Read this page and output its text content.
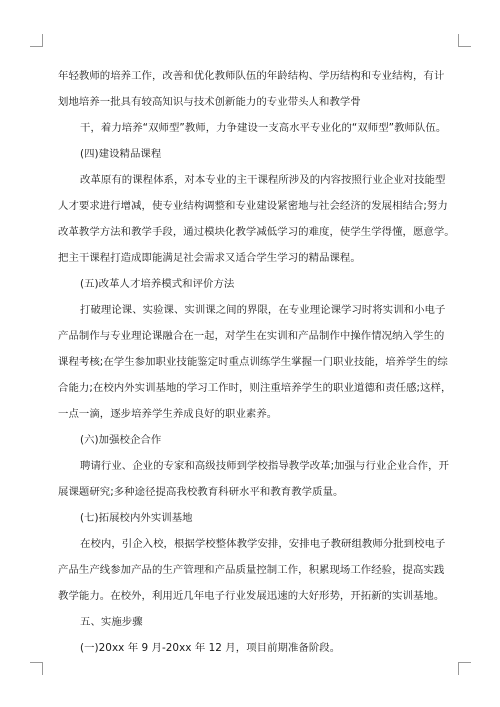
年轻教师的培养工作，改善和优化教师队伍的年龄结构、学历结构和专业结构，有计
划地培养一批具有较高知识与技术创新能力的专业带头人和教学骨
干，着力培养“双师型”教师，力争建设一支高水平专业化的“双师型”教师队伍。
(四)建设精品课程
改革原有的课程体系，对本专业的主干课程所涉及的内容按照行业企业对技能型
人才要求进行增减，使专业结构调整和专业建设紧密地与社会经济的发展相结合;努力
改革教学方法和教学手段，通过模块化教学减低学习的难度，使学生学得懂，愿意学。
把主干课程打造成即能满足社会需求又适合学生学习的精品课程。
(五)改革人才培养模式和评价方法
打破理论课、实验课、实训课之间的界限，在专业理论课学习时将实训和小电子
产品制作与专业理论课融合在一起，对学生在实训和产品制作中操作情况纳入学生的
课程考核;在学生参加职业技能鉴定时重点训练学生掌握一门职业技能，培养学生的综
合能力;在校内外实训基地的学习工作时，则注重培养学生的职业道德和责任感;这样，
一点一滴，逐步培养学生养成良好的职业素养。
(六)加强校企合作
聘请行业、企业的专家和高级技师到学校指导教学改革;加强与行业企业合作，开
展课题研究;多种途径提高我校教育科研水平和教育教学质量。
(七)拓展校内外实训基地
在校内，引企入校，根据学校整体教学安排，安排电子教研组教师分批到校电子
产品生产线参加产品的生产管理和产品质量控制工作，积累现场工作经验，提高实践
教学能力。在校外，利用近几年电子行业发展迅速的大好形势，开拓新的实训基地。
五、实施步骤
(一)20xx 年 9 月-20xx 年 12 月，项目前期准备阶段。
